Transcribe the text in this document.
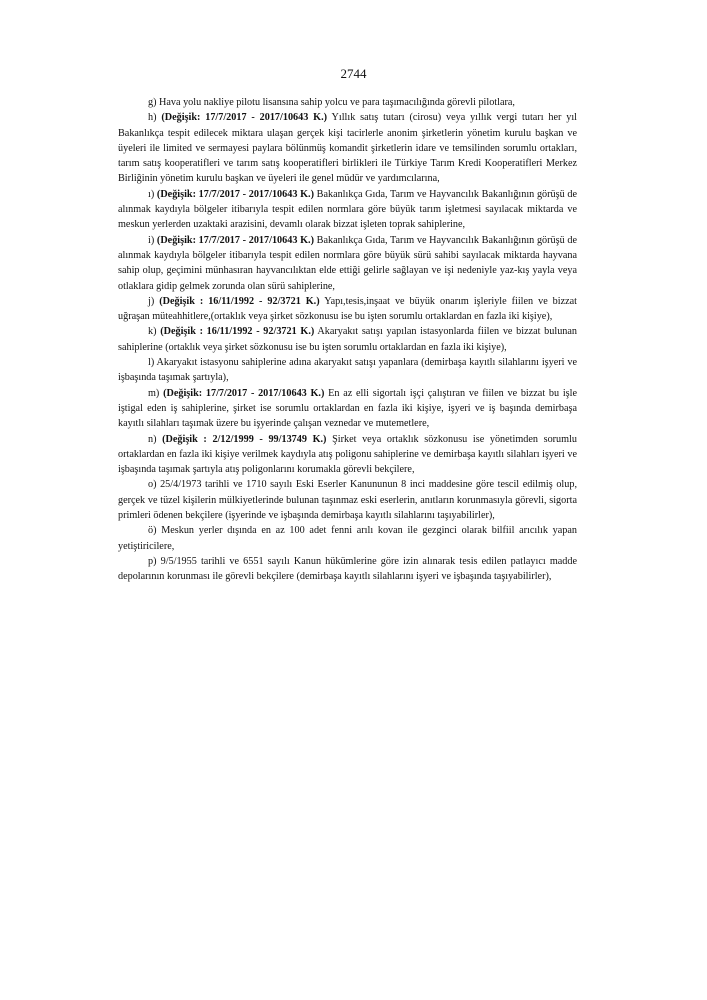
2744

g) Hava yolu nakliye pilotu lisansına sahip yolcu ve para taşımacılığında görevli pilotlara,

h) (Değişik: 17/7/2017 - 2017/10643 K.) Yıllık satış tutarı (cirosu) veya yıllık vergi tutarı her yıl Bakanlıkça tespit edilecek miktara ulaşan gerçek kişi tacirlerle anonim şirketlerin yönetim kurulu başkan ve üyeleri ile limited ve sermayesi paylara bölünmüş komandit şirketlerin idare ve temsilinden sorumlu ortakları, tarım satış kooperatifleri ve tarım satış kooperatifleri birlikleri ile Türkiye Tarım Kredi Kooperatifleri Merkez Birliğinin yönetim kurulu başkan ve üyeleri ile genel müdür ve yardımcılarına,

ı) (Değişik: 17/7/2017 - 2017/10643 K.) Bakanlıkça Gıda, Tarım ve Hayvancılık Bakanlığının görüşü de alınmak kaydıyla bölgeler itibarıyla tespit edilen normlara göre büyük tarım işletmesi sayılacak miktarda ve meskun yerlerden uzaktaki arazisini, devamlı olarak bizzat işleten toprak sahiplerine,

i) (Değişik: 17/7/2017 - 2017/10643 K.) Bakanlıkça Gıda, Tarım ve Hayvancılık Bakanlığının görüşü de alınmak kaydıyla bölgeler itibarıyla tespit edilen normlara göre büyük sürü sahibi sayılacak miktarda hayvana sahip olup, geçimini münhasıran hayvancılıktan elde ettiği gelirle sağlayan ve işi nedeniyle yaz-kış yayla veya otlaklara gidip gelmek zorunda olan sürü sahiplerine,

j) (Değişik : 16/11/1992 - 92/3721 K.) Yapı,tesis,inşaat ve büyük onarım işleriyle fiilen ve bizzat uğraşan müteahhitlere,(ortaklık veya şirket sözkonusu ise bu işten sorumlu ortaklardan en fazla iki kişiye),

k) (Değişik : 16/11/1992 - 92/3721 K.) Akaryakıt satışı yapılan istasyonlarda fiilen ve bizzat bulunan sahiplerine (ortaklık veya şirket sözkonusu ise bu işten sorumlu ortaklardan en fazla iki kişiye),

l) Akaryakıt istasyonu sahiplerine adına akaryakıt satışı yapanlara (demirbaşa kayıtlı silahlarını işyeri ve işbaşında taşımak şartıyla),

m) (Değişik: 17/7/2017 - 2017/10643 K.) En az elli sigortalı işçi çalıştıran ve fiilen ve bizzat bu işle iştigal eden iş sahiplerine, şirket ise sorumlu ortaklardan en fazla iki kişiye, işyeri ve iş başında demirbaşa kayıtlı silahları taşımak üzere bu işyerinde çalışan veznedar ve mutemetlere,

n) (Değişik : 2/12/1999 - 99/13749 K.) Şirket veya ortaklık sözkonusu ise yönetimden sorumlu ortaklardan en fazla iki kişiye verilmek kaydıyla atış poligonu sahiplerine ve demirbaşa kayıtlı silahları işyeri ve işbaşında taşımak şartıyla atış poligonlarını korumakla görevli bekçilere,

o) 25/4/1973 tarihli ve 1710 sayılı Eski Eserler Kanununun 8 inci maddesine göre tescil edilmiş olup, gerçek ve tüzel kişilerin mülkiyetlerinde bulunan taşınmaz eski eserlerin, anıtların korunmasıyla görevli, sigorta primleri ödenen bekçilere (işyerinde ve işbaşında demirbaşa kayıtlı silahlarını taşıyabilirler),

ö) Meskun yerler dışında en az 100 adet fenni arılı kovan ile gezginci olarak bilfiil arıcılık yapan yetiştiricilere,

p) 9/5/1955 tarihli ve 6551 sayılı Kanun hükümlerine göre izin alınarak tesis edilen patlayıcı madde depolarının korunması ile görevli bekçilere (demirbaşa kayıtlı silahlarını işyeri ve işbaşında taşıyabilirler),
